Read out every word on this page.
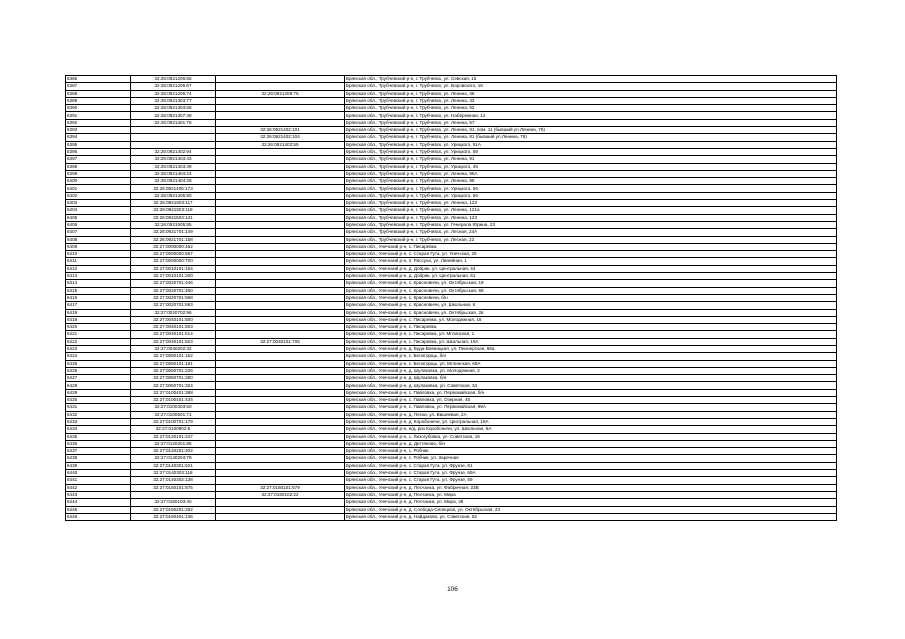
6386	32:26:0921206:65		Брянская обл., Трубчевский р-н, г. Трубчевск, ул. Севская, 15
6387	32:26:0921206:67		Брянская обл., Трубчевский р-н, г. Трубчевск, ул. Воровского, 18
6388	32:26:0921206:74	32:26:0921208:75	Брянская обл., Трубчевский р-н, г. Трубчевск, ул. Ленина, 36
6389	32:26:0921303:77		Брянская обл., Трубчевский р-н, г. Трубчевск, ул. Ленина, 33
6390	32:26:0921304:68		Брянская обл., Трубчевский р-н, г. Трубчевск, ул. Ленина, 52
6391	32:26:0921307:48		Брянская обл., Трубчевский р-н, г. Трубчевск, ул. Набережная, 12
6392	32:26:0921401:76		Брянская обл., Трубчевский р-н, г. Трубчевск, ул. Ленина, 57
6393		32:26:0921402:101	Брянская обл., Трубчевский р-н, г. Трубчевск, ул. Ленина, 81, пом. 11 (бывший ул.Ленина, 79)
6394		32:26:0921402:104	Брянская обл., Трубчевский р-н, г. Трубчевск, ул. Ленина, 81 (бывший ул.Ленина, 79)
6395		32:26:0921402:55	Брянская обл., Трубчевский р-н, г. Трубчевск, ул. Урицкого, 51А
6396	32:26:0921402:94		Брянская обл., Трубчевский р-н, г. Трубчевск, ул. Урицкого, 59
6397	32:26:0921403:43		Брянская обл., Трубчевский р-н, г. Трубчевск, ул. Ленина, 91
6398	32:26:0921403:49		Брянская обл., Трубчевский р-н, г. Трубчевск, ул. Урицкого, 45
6399	32:26:0921404:24		Брянская обл., Трубчевский р-н, г. Трубчевск, ул. Ленина, 95А
6400	32:26:0921404:29		Брянская обл., Трубчевский р-н, г. Трубчевск, ул. Ленина, 95
6401	32:26:0921405:173		Брянская обл., Трубчевский р-н, г. Трубчевск, ул. Урицкого, 56
6402	32:26:0921405:80		Брянская обл., Трубчевский р-н, г. Трубчевск, ул. Урицкого, 56
6403	32:26:0921503:117		Брянская обл., Трубчевский р-н, г. Трубчевск, ул. Ленина, 123
6404	32:26:0921503:119		Брянская обл., Трубчевский р-н, г. Трубчевск, ул. Ленина, 121а
6405	32:26:0921503:141		Брянская обл., Трубчевский р-н, г. Трубчевск, ул. Ленина, 123
6406	32:26:0921505:55		Брянская обл., Трубчевский р-н, г. Трубчевск, ул. Генерала Юрина, 23
6407	32:26:0921701:149		Брянская обл., Трубчевский р-н, г. Трубчевск, ул. Лесная, 24А
6408	32:26:0921701:158		Брянская обл., Трубчевский р-н, г. Трубчевск, ул. Лесная, 22
6409	32:27:0000000:452		Брянская обл., Унечский р-н, с. Писаревка
6410	32:27:0000000:567		Брянская обл., Унечский р-н, с. Старая Гута, ул. Унечская, 29
6411	32:27:0000000:700		Брянская обл., Унечский р-н, п. Рассуха, ул. Линейная, 1
6412	32:27:0010101:164		Брянская обл., Унечский р-н, д. Добрик, ул. Центральная, 44
6413	32:27:0010101:200		Брянская обл., Унечский р-н, д. Добрик, ул. Центральная, 61
6414	32:27:0020701:446		Брянская обл., Унечский р-н, с. Красновичи, ул. Октябрьская, 19
6415	32:27:0020701:460		Брянская обл., Унечский р-н, с. Красновичи, ул. Октябрьская, 58
6416	32:27:0020701:568		Брянская обл., Унечский р-н, с. Красновичи, б/н
6417	32:27:0020701:693		Брянская обл., Унечский р-н, с. Красновичи, ул. Школьная, 6
6418	32:27:0020702:96		Брянская обл., Унечский р-н, с. Красновичи, ул. Октябрьская, 2в
6419	32:27:0040101:500		Брянская обл., Унечский р-н, с. Писаревка, ул. Молодежная, 15
6420	32:27:0040101:503		Брянская обл., Унечский р-н, с. Писаревка
6421	32:27:0040101:614		Брянская обл., Унечский р-н, с. Писаревка, ул. Мглинская, 1
6422	32:27:0040101:623	32:27:0040101:705	Брянская обл., Унечский р-н, с. Писаревка, ул. Школьная, 19А
6423	32:27:0040202:32		Брянская обл., Унечский р-н, д. Буда-Вовницкая, ул. Пионерская, 68а
6424	32:27:0050101:152		Брянская обл., Унечский р-н, с. Белогорщь, б/н
6425	32:27:0050101:191		Брянская обл., Унечский р-н, с. Белогорщь, ул. Мглинская, 69А
6426	32:27:0050701:226		Брянская обл., Унечский р-н, д. Шулаковка, ул. Молодежная, 3
6427	32:27:0050701:280		Брянская обл., Унечский р-н, д. Шулаковка, б/н
6428	32:27:0050701:324		Брянская обл., Унечский р-н, д. Шулаковка, ул. Советская, 34
6429	32:27:0100401:388		Брянская обл., Унечский р-н, с. Павловка, ул. Первомайская, б/н
6430	32:27:0100401:434		Брянская обл., Унечский р-н, с. Павловка, ул. Озерная, 45
6431	32:27:0100403:50		Брянская обл., Унечский р-н, с. Павловка, ул. Первомайская, 99А
6432	32:27:0100501:71		Брянская обл., Унечский р-н, д. Пески, ул. Вишневая, 2А
6433	32:27:0100701:179		Брянская обл., Унечский р-н, д. Коробоничи, ул. Центральная, 16А
6434	32:27:0100902:6		Брянская обл., Унечский р-н, н/д, раз Коробоничи, ул. Школьная, 9А
6435	32:27:0120101:247		Брянская обл., Унечский р-н, с. Лизогубовка, ул. Советская, 15
6436	32:27:0120201:85		Брянская обл., Унечский р-н, д. Дегтяново, б/н
6437	32:27:0140201:402		Брянская обл., Унечский р-н, с. Робчик
6438	32:27:0140204:79		Брянская обл., Унечский р-н, с. Робчик, ул. Заречная
6439	32:27:0140301:621		Брянская обл., Унечский р-н, с. Старая Гута, ул. Фрунзе, 61
6440	32:27:0140302:118		Брянская обл., Унечский р-н, с. Старая Гута, ул. Фрунзе, 69А
6441	32:27:0140302:138		Брянская обл., Унечский р-н, с. Старая Гута, ул. Фрунзе, 59
6442	32:27:0160101:575	32:27:0160101:579	Брянская обл., Унечский р-н, д. Песчанка, ул. Фабричная, 23В
6443		32:27:0160102:22	Брянская обл., Унечский р-н, д. Песчанка, ул. Мира
6444	32:27:0160103:40		Брянская обл., Унечский р-н, д. Песчанка, ул. Мира, 38
6445	32:27:0160201:292		Брянская обл., Унечский р-н, д. Слобода-Селецкая, ул. Октябрьская, 23
6446	32:27:0160401:136		Брянская обл., Унечский р-н, д. Найдаково, ул. Советская, 52
106
